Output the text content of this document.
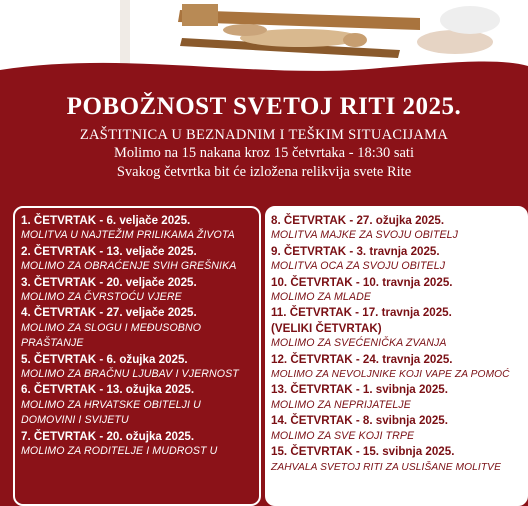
POBOŽNOST SVETOJ RITI 2025.
ZAŠTITNICA U BEZNADNIM I TEŠKIM SITUACIJAMA
Molimo na 15 nakana kroz 15 četvrtaka - 18:30 sati
Svakog četvrtka bit će izložena relikvija svete Rite
1. ČETVRTAK - 6. veljače 2025.
MOLITVA U NAJTEŽIM PRILIKAMA ŽIVOTA
2. ČETVRTAK - 13. veljače 2025.
MOLIMO ZA OBRAĆENJE SVIH GREŠNIKA
3. ČETVRTAK - 20. veljače 2025.
MOLIMO ZA ČVRSTOĆU VJERE
4. ČETVRTAK - 27. veljače 2025.
MOLIMO ZA SLOGU I MEĐUSOBNO PRAŠTANJE
5. ČETVRTAK - 6. ožujka 2025.
MOLIMO ZA BRAČNU LJUBAV I VJERNOST
6. ČETVRTAK - 13. ožujka 2025.
MOLIMO ZA HRVATSKE OBITELJI U DOMOVINI I SVIJETU
7. ČETVRTAK - 20. ožujka 2025.
MOLIMO ZA RODITELJE I MUDROST U
8. ČETVRTAK - 27. ožujka 2025.
MOLITVA MAJKE ZA SVOJU OBITELJ
9. ČETVRTAK - 3. travnja 2025.
MOLITVA OCA ZA SVOJU OBITELJ
10. ČETVRTAK - 10. travnja 2025.
MOLIMO ZA MLADE
11. ČETVRTAK - 17. travnja 2025. (VELIKI ČETVRTAK)
MOLIMO ZA SVEĆENIČKA ZVANJA
12. ČETVRTAK - 24. travnja 2025.
MOLIMO ZA NEVOLJNIKE KOJI VAPE ZA POMOĆ
13. ČETVRTAK - 1. svibnja 2025.
MOLIMO ZA NEPRIJATELJE
14. ČETVRTAK - 8. svibnja 2025.
MOLIMO ZA SVE KOJI TRPE
15. ČETVRTAK - 15. svibnja 2025.
ZAHVALA SVETOJ RITI ZA USLIŠANE MOLITVE
